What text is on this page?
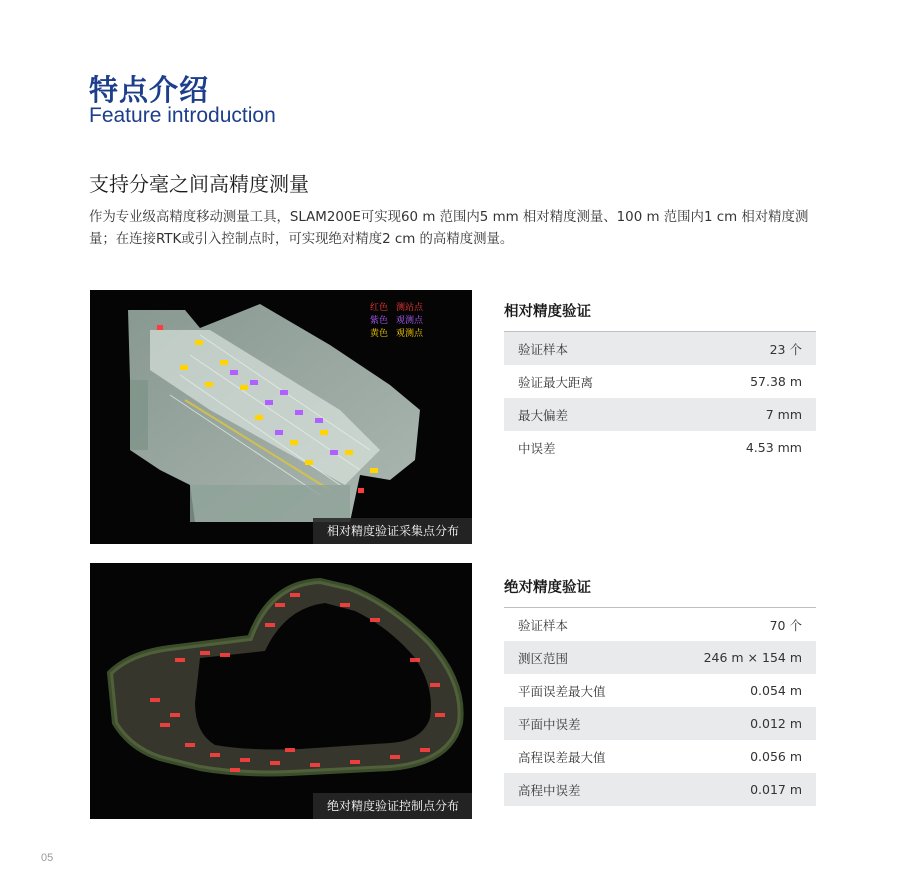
特点介绍
Feature introduction
支持分毫之间高精度测量
作为专业级高精度移动测量工具，SLAM200E可实现60 m 范围内5 mm 相对精度测量、100 m 范围内1 cm 相对精度测量；在连接RTK或引入控制点时，可实现绝对精度2 cm 的高精度测量。
红色 测站点
紫色 观测点
黄色 观测点
相对精度验证采集点分布
绝对精度验证控制点分布
相对精度验证
验证样本	23 个
验证最大距离	57.38 m
最大偏差	7 mm
中误差	4.53 mm
绝对精度验证
验证样本	70 个
测区范围	246 m × 154 m
平面误差最大值	0.054 m
平面中误差	0.012 m
高程误差最大值	0.056 m
高程中误差	0.017 m
05
